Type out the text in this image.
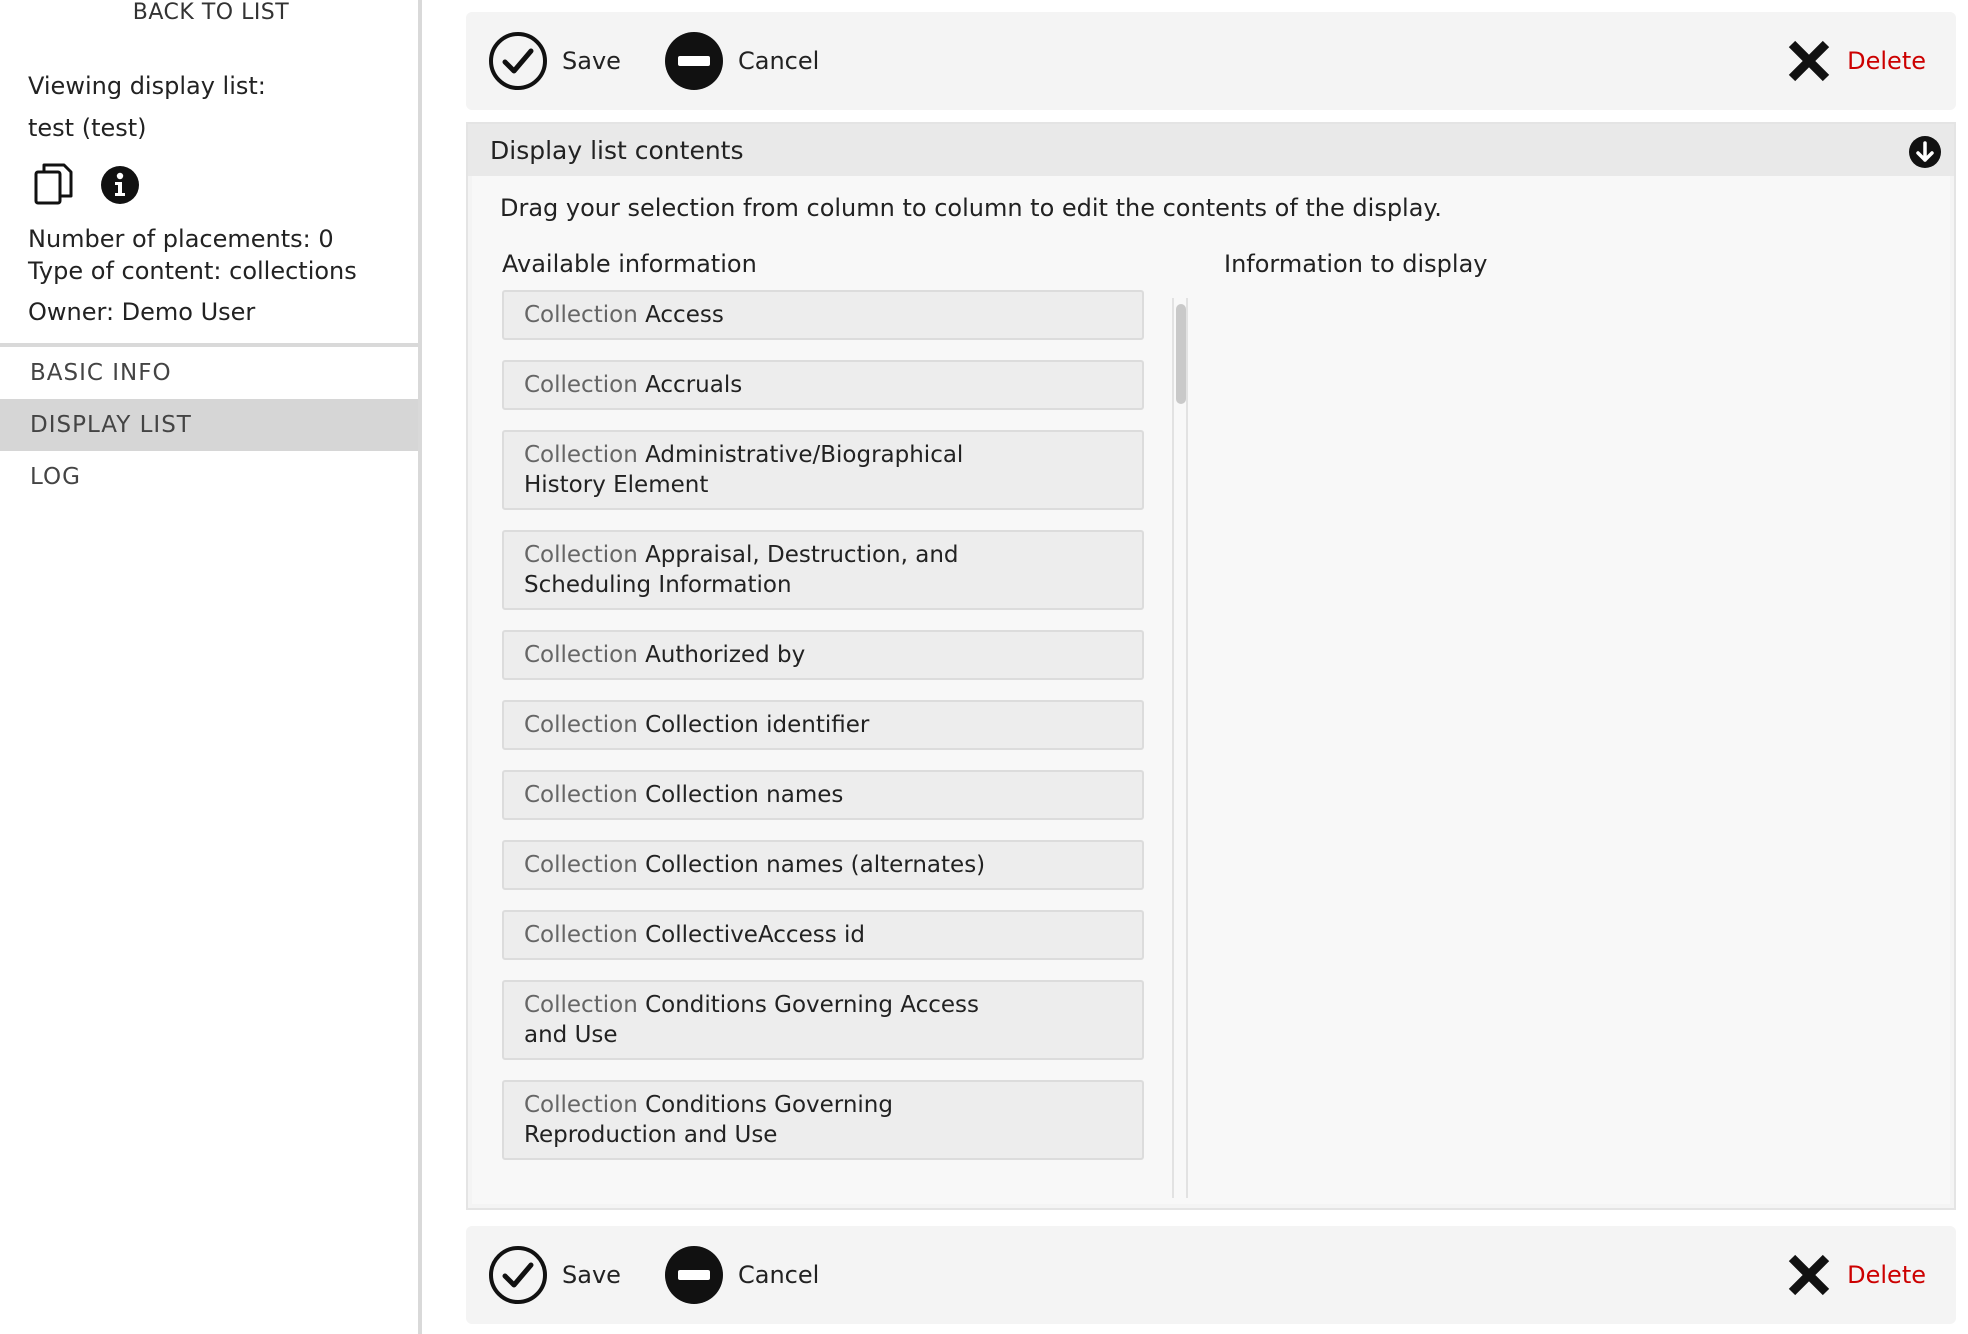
BACK TO LIST
Viewing display list:
test (test)
Number of placements: 0
Type of content: collections
Owner: Demo User
BASIC INFO
DISPLAY LIST
LOG
Save	Cancel	Delete
Display list contents
Drag your selection from column to column to edit the contents of the display.
Available information	Information to display
Collection Access
Collection Accruals
Collection Administrative/Biographical
History Element
Collection Appraisal, Destruction, and
Scheduling Information
Collection Authorized by
Collection Collection identifier
Collection Collection names
Collection Collection names (alternates)
Collection CollectiveAccess id
Collection Conditions Governing Access
and Use
Collection Conditions Governing
Reproduction and Use
Save	Cancel	Delete
